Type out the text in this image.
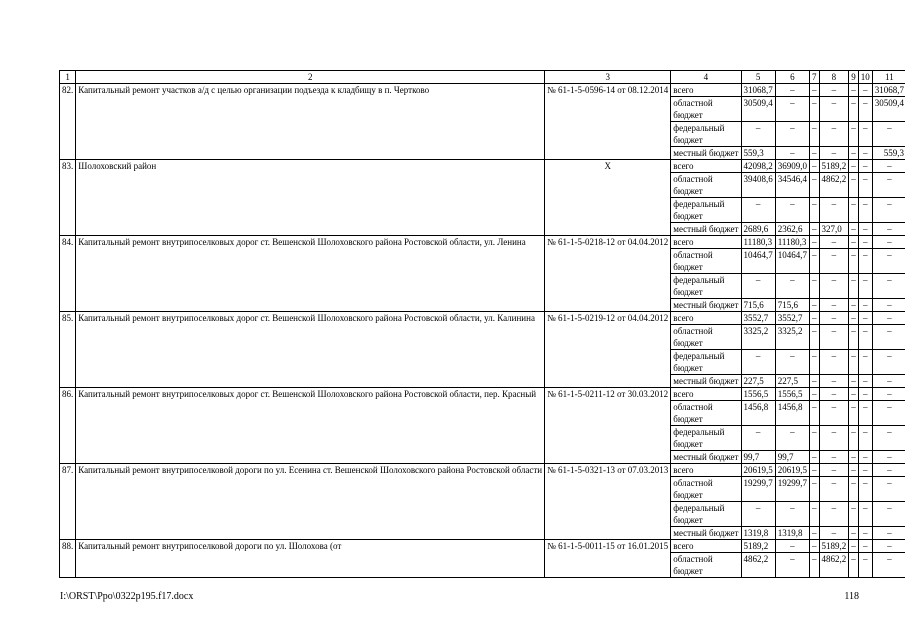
1	2	3	4	5	6	7	8	9	10	11
82.	Капитальный ремонт участков а/д с целью организации подъезда к кладбищу в п. Чертково	№ 61-1-5-0596-14 от 08.12.2014	всего	31068,7	–	–	–	–	–	31068,7
			областной бюджет	30509,4	–	–	–	–	–	30509,4
			федеральный бюджет	–	–	–	–	–	–	–
			местный бюджет	559,3	–	–	–	–	–	559,3
83.	Шолоховский район	Х	всего	42098,2	36909,0	–	5189,2	–	–	–
			областной бюджет	39408,6	34546,4	–	4862,2	–	–	–
			федеральный бюджет	–	–	–	–	–	–	–
			местный бюджет	2689,6	2362,6	–	327,0	–	–	–
84.	Капитальный ремонт внутрипоселковых дорог ст. Вешенской Шолоховского района Ростовской области, ул. Ленина	№ 61-1-5-0218-12 от 04.04.2012	всего	11180,3	11180,3	–	–	–	–	–
			областной бюджет	10464,7	10464,7	–	–	–	–	–
			федеральный бюджет	–	–	–	–	–	–	–
			местный бюджет	715,6	715,6	–	–	–	–	–
85.	Капитальный ремонт внутрипоселковых дорог ст. Вешенской Шолоховского района Ростовской области, ул. Калинина	№ 61-1-5-0219-12 от 04.04.2012	всего	3552,7	3552,7	–	–	–	–	–
			областной бюджет	3325,2	3325,2	–	–	–	–	–
			федеральный бюджет	–	–	–	–	–	–	–
			местный бюджет	227,5	227,5	–	–	–	–	–
86.	Капитальный ремонт внутрипоселковых дорог ст. Вешенской Шолоховского района Ростовской области, пер. Красный	№ 61-1-5-0211-12 от 30.03.2012	всего	1556,5	1556,5	–	–	–	–	–
			областной бюджет	1456,8	1456,8	–	–	–	–	–
			федеральный бюджет	–	–	–	–	–	–	–
			местный бюджет	99,7	99,7	–	–	–	–	–
87.	Капитальный ремонт внутрипоселковой дороги по ул. Есенина ст. Вешенской Шолоховского района Ростовской области	№ 61-1-5-0321-13 от 07.03.2013	всего	20619,5	20619,5	–	–	–	–	–
			областной бюджет	19299,7	19299,7	–	–	–	–	–
			федеральный бюджет	–	–	–	–	–	–	–
			местный бюджет	1319,8	1319,8	–	–	–	–	–
88.	Капитальный ремонт внутрипоселковой дороги по ул. Шолохова (от	№ 61-1-5-0011-15 от 16.01.2015	всего	5189,2	–	–	5189,2	–	–	–
			областной бюджет	4862,2	–	–	4862,2	–	–	–
I:\ORST\Ppo\0322p195.f17.docx	118
